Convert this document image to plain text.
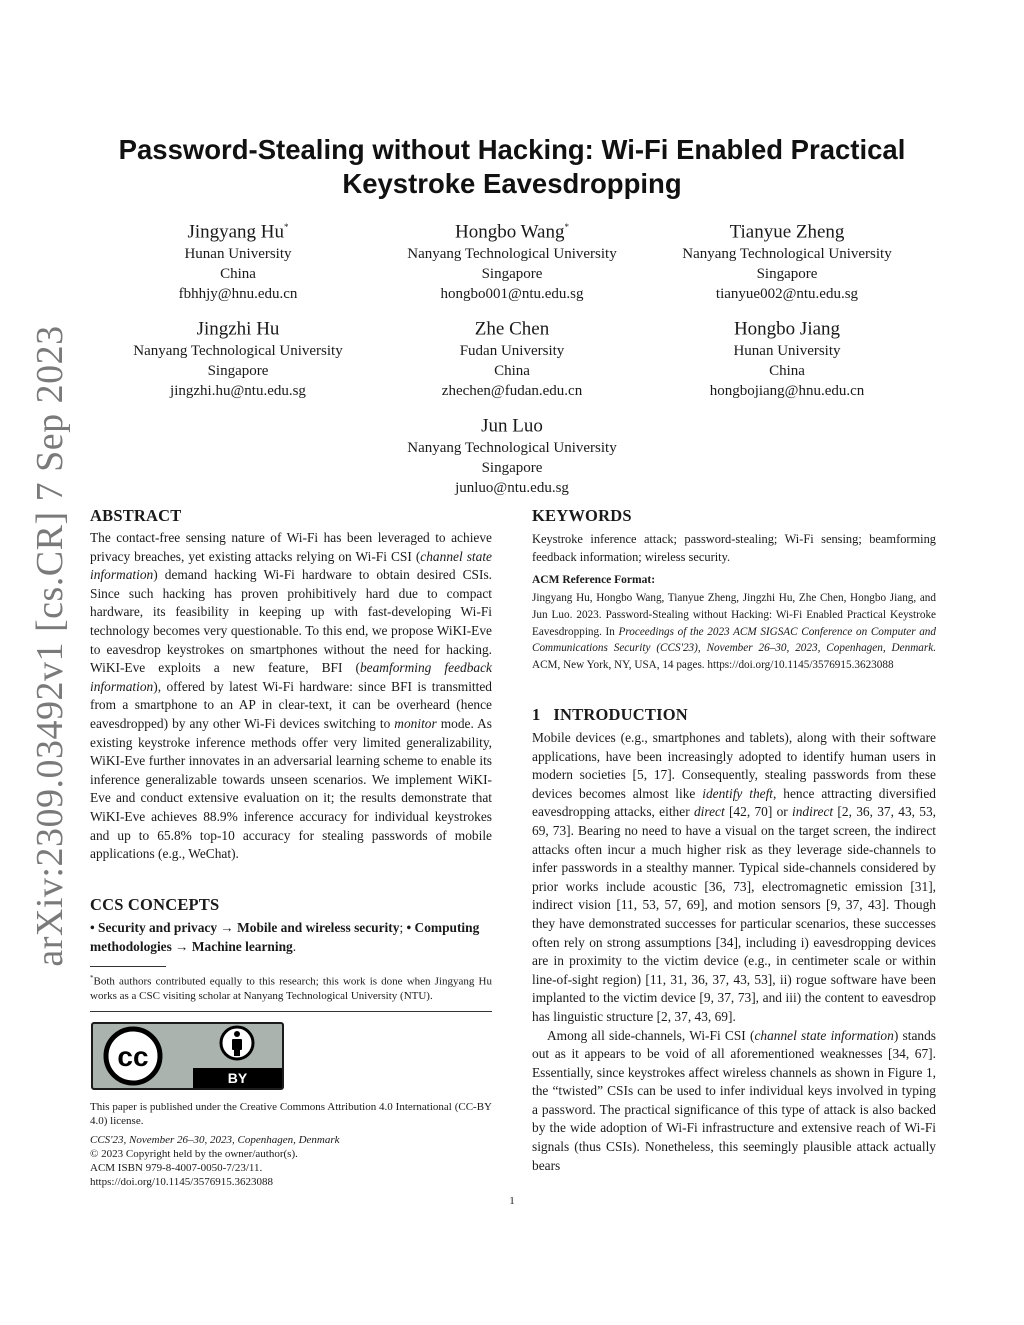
arXiv:2309.03492v1 [cs.CR] 7 Sep 2023
Password-Stealing without Hacking: Wi-Fi Enabled Practical
Keystroke Eavesdropping
Jingyang Hu*
Hunan University
China
fbhhjy@hnu.edu.cn
Hongbo Wang*
Nanyang Technological University
Singapore
hongbo001@ntu.edu.sg
Tianyue Zheng
Nanyang Technological University
Singapore
tianyue002@ntu.edu.sg
Jingzhi Hu
Nanyang Technological University
Singapore
jingzhi.hu@ntu.edu.sg
Zhe Chen
Fudan University
China
zhechen@fudan.edu.cn
Hongbo Jiang
Hunan University
China
hongbojiang@hnu.edu.cn
Jun Luo
Nanyang Technological University
Singapore
junluo@ntu.edu.sg
ABSTRACT

The contact-free sensing nature of Wi-Fi has been leveraged to achieve privacy breaches, yet existing attacks relying on Wi-Fi CSI (channel state information) demand hacking Wi-Fi hardware to obtain desired CSIs. Since such hacking has proven prohibitively hard due to compact hardware, its feasibility in keeping up with fast-developing Wi-Fi technology becomes very questionable. To this end, we propose WiKI-Eve to eavesdrop keystrokes on smartphones without the need for hacking. WiKI-Eve exploits a new feature, BFI (beamforming feedback information), offered by latest Wi-Fi hardware: since BFI is transmitted from a smartphone to an AP in clear-text, it can be overheard (hence eavesdropped) by any other Wi-Fi devices switching to monitor mode. As existing keystroke inference methods offer very limited generalizability, WiKI-Eve further innovates in an adversarial learning scheme to enable its inference generalizable towards unseen scenarios. We implement WiKI-Eve and conduct extensive evaluation on it; the results demonstrate that WiKI-Eve achieves 88.9% inference accuracy for individual keystrokes and up to 65.8% top-10 accuracy for stealing passwords of mobile applications (e.g., WeChat).

CCS CONCEPTS
• Security and privacy → Mobile and wireless security; • Computing methodologies → Machine learning.
*Both authors contributed equally to this research; this work is done when Jingyang Hu works as a CSC visiting scholar at Nanyang Technological University (NTU).
cc
BY
This paper is published under the Creative Commons Attribution 4.0 International (CC-BY 4.0) license.
CCS'23, November 26–30, 2023, Copenhagen, Denmark
© 2023 Copyright held by the owner/author(s).
ACM ISBN 979-8-4007-0050-7/23/11.
https://doi.org/10.1145/3576915.3623088
KEYWORDS
Keystroke inference attack; password-stealing; Wi-Fi sensing; beamforming feedback information; wireless security.
ACM Reference Format:
Jingyang Hu, Hongbo Wang, Tianyue Zheng, Jingzhi Hu, Zhe Chen, Hongbo Jiang, and Jun Luo. 2023. Password-Stealing without Hacking: Wi-Fi Enabled Practical Keystroke Eavesdropping. In Proceedings of the 2023 ACM SIGSAC Conference on Computer and Communications Security (CCS'23), November 26–30, 2023, Copenhagen, Denmark. ACM, New York, NY, USA, 14 pages. https://doi.org/10.1145/3576915.3623088
1   INTRODUCTION

Mobile devices (e.g., smartphones and tablets), along with their software applications, have been increasingly adopted to identify human users in modern societies [5, 17]. Consequently, stealing passwords from these devices becomes almost like identify theft, hence attracting diversified eavesdropping attacks, either direct [42, 70] or indirect [2, 36, 37, 43, 53, 69, 73]. Bearing no need to have a visual on the target screen, the indirect attacks often incur a much higher risk as they leverage side-channels to infer passwords in a stealthy manner. Typical side-channels considered by prior works include acoustic [36, 73], electromagnetic emission [31], indirect vision [11, 53, 57, 69], and motion sensors [9, 37, 43]. Though they have demonstrated successes for particular scenarios, these successes often rely on strong assumptions [34], including i) eavesdropping devices are in proximity to the victim device (e.g., in centimeter scale or within line-of-sight region) [11, 31, 36, 37, 43, 53], ii) rogue software have been implanted to the victim device [9, 37, 73], and iii) the content to eavesdrop has linguistic structure [2, 37, 43, 69].

Among all side-channels, Wi-Fi CSI (channel state information) stands out as it appears to be void of all aforementioned weaknesses [34, 67]. Essentially, since keystrokes affect wireless channels as shown in Figure 1, the “twisted” CSIs can be used to infer individual keys involved in typing a password. The practical significance of this type of attack is also backed by the wide adoption of Wi-Fi infrastructure and extensive reach of Wi-Fi signals (thus CSIs). Nonetheless, this seemingly plausible attack actually bears

1
